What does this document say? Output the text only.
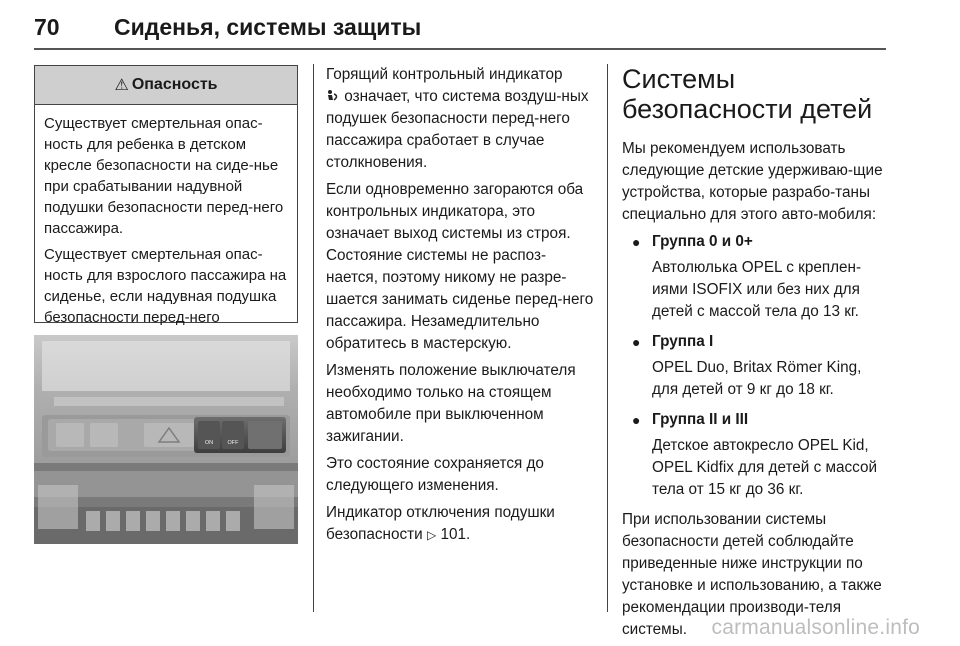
70 Сиденья, системы защиты
⚠ Опасность

Существует смертельная опас-ность для ребенка в детском кресле безопасности на сиде-нье при срабатывании надувной подушки безопасности перед-него пассажира.

Существует смертельная опас-ность для взрослого пассажира на сиденье, если надувная подушка безопасности перед-него

ON	OFF

Горящий контрольный индикатор
означает, что система воздуш-ных подушек безопасности перед-него пассажира сработает в случае столкновения.

Если одновременно загораются оба контрольных индикатора, это означает выход системы из строя. Состояние системы не распоз-нается, поэтому никому не разре-шается занимать сиденье перед-него пассажира. Незамедлительно обратитесь в мастерскую.

Изменять положение выключателя необходимо только на стоящем автомобиле при выключенном зажигании.

Это состояние сохраняется до следующего изменения.

Индикатор отключения подушки безопасности ▷ 101.

Системы безопасности детей

Мы рекомендуем использовать следующие детские удерживаю-щие устройства, которые разрабо-таны специально для этого авто-мобиля:

● Группа 0 и 0+
Автолюлька OPEL с креплен-иями ISOFIX или без них для детей с массой тела до 13 кг.
● Группа I
OPEL Duo, Britax Römer King, для детей от 9 кг до 18 кг.
● Группа II и III
Детское автокресло OPEL Kid, OPEL Kidfix для детей с массой тела от 15 кг до 36 кг.

При использовании системы безопасности детей соблюдайте приведенные ниже инструкции по установке и использованию, а также рекомендации производи-теля системы.	carmanualsonline.info
